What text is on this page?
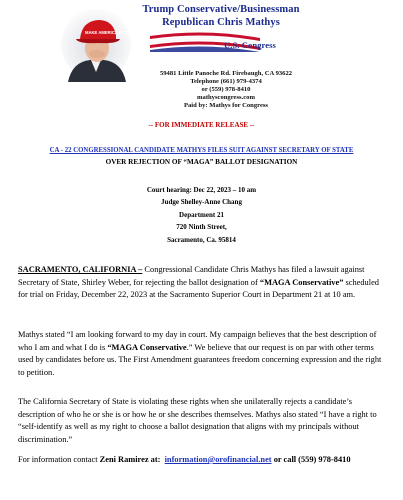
MAKE AMERICA GREAT AGAIN
Trump Conservative/Businessman
Republican Chris Mathys
U.S. Congress
59481 Little Panoche Rd. Firebaugh, CA 93622
Telephone (661) 979-4374
or (559) 978-8410
mathyscongress.com
Paid by: Mathys for Congress
-- FOR IMMEDIATE RELEASE --
CA - 22 CONGRESSIONAL CANDIDATE MATHYS FILES SUIT AGAINST SECRETARY OF STATE
OVER REJECTION OF “MAGA” BALLOT DESIGNATION
Court hearing: Dec 22, 2023 – 10 am
Judge Shelley-Anne Chang
Department 21
720 Ninth Street,
Sacramento, Ca. 95814
SACRAMENTO, CALIFORNIA – Congressional Candidate Chris Mathys has filed a lawsuit against Secretary of State, Shirley Weber, for rejecting the ballot designation of “MAGA Conservative” scheduled for trial on Friday, December 22, 2023 at the Sacramento Superior Court in Department 21 at 10 am.
Mathys stated “I am looking forward to my day in court. My campaign believes that the best description of who I am and what I do is “MAGA Conservative.” We believe that our request is on par with other terms used by candidates before us. The First Amendment guarantees freedom concerning expression and the right to petition.
The California Secretary of State is violating these rights when she unilaterally rejects a candidate’s description of who he or she is or how he or she describes themselves. Mathys also stated “I have a right to “self-identify as well as my right to choose a ballot designation that aligns with my principals without discrimination.”
For information contact Zeni Ramirez at: information@orofinancial.net or call (559) 978-8410
